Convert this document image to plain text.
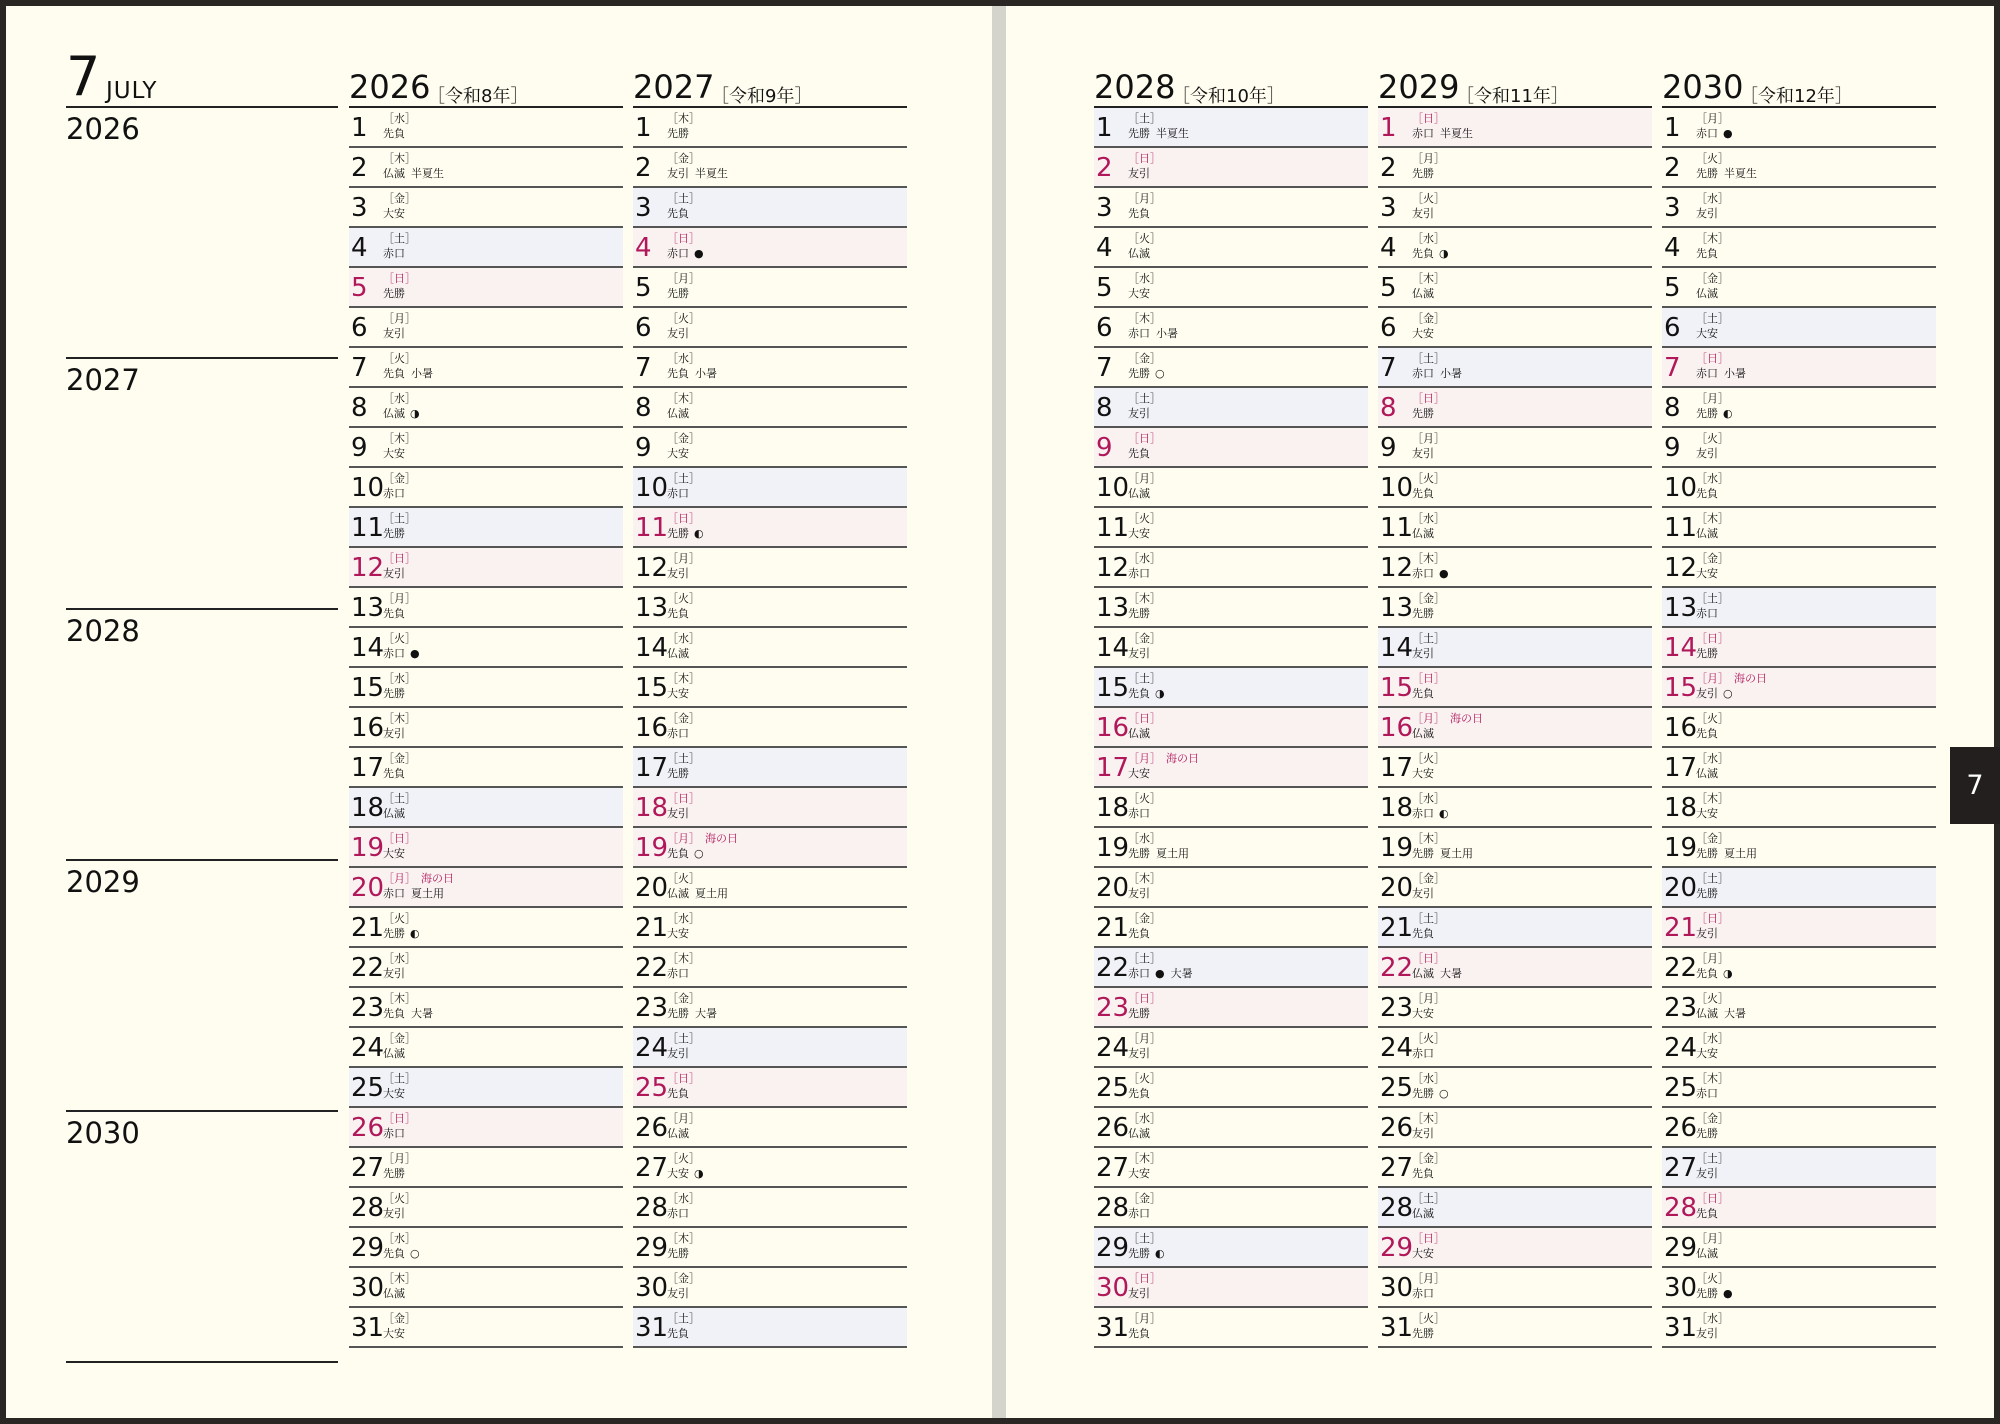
7 JULY
2026
2027
2028
2029
2030
2026
［令和8年］
1 ［水］
先負
2 ［木］
仏滅 半夏生
3 ［金］
大安
4 ［土］
赤口
5 ［日］
先勝
6 ［月］
友引
7 ［火］
先負 小暑
8 ［水］
仏滅 ◑
9 ［木］
大安
10
［金］
赤口
11
［土］
先勝
12
［日］
友引
13
［月］
先負
14
［火］
赤口 ●
15
［水］
先勝
16
［木］
友引
17
［金］
先負
18
［土］
仏滅
19
［日］
大安
20
［月］ 海の日
赤口 夏土用
21
［火］
先勝 ◐
22
［水］
友引
23
［木］
先負 大暑
24
［金］
仏滅
25
［土］
大安
26
［日］
赤口
27
［月］
先勝
28
［火］
友引
29
［水］
先負 ○
30
［木］
仏滅
31
［金］
大安
2027
［令和9年］
1 ［木］
先勝
2 ［金］
友引 半夏生
3 ［土］
先負
4 ［日］
赤口 ●
5 ［月］
先勝
6 ［火］
友引
7 ［水］
先負 小暑
8 ［木］
仏滅
9 ［金］
大安
10
［土］
赤口
11
［日］
先勝 ◐
12
［月］
友引
13
［火］
先負
14
［水］
仏滅
15
［木］
大安
16
［金］
赤口
17
［土］
先勝
18
［日］
友引
19
［月］ 海の日
先負 ○
20
［火］
仏滅 夏土用
21
［水］
大安
22
［木］
赤口
23
［金］
先勝 大暑
24
［土］
友引
25
［日］
先負
26
［月］
仏滅
27
［火］
大安 ◑
28
［水］
赤口
29
［木］
先勝
30
［金］
友引
31
［土］
先負
2028
［令和10年］
1 ［土］
先勝 半夏生
2 ［日］
友引
3 ［月］
先負
4 ［火］
仏滅
5 ［水］
大安
6 ［木］
赤口 小暑
7 ［金］
先勝 ○
8 ［土］
友引
9 ［日］
先負
10
［月］
仏滅
11
［火］
大安
12
［水］
赤口
13
［木］
先勝
14
［金］
友引
15
［土］
先負 ◑
16
［日］
仏滅
17
［月］ 海の日
大安
18
［火］
赤口
19
［水］
先勝 夏土用
20
［木］
友引
21
［金］
先負
22
［土］
赤口 ● 大暑
23
［日］
先勝
24
［月］
友引
25
［火］
先負
26
［水］
仏滅
27
［木］
大安
28
［金］
赤口
29
［土］
先勝 ◐
30
［日］
友引
31
［月］
先負
2029
［令和11年］
1 ［日］
赤口 半夏生
2 ［月］
先勝
3 ［火］
友引
4 ［水］
先負 ◑
5 ［木］
仏滅
6 ［金］
大安
7 ［土］
赤口 小暑
8 ［日］
先勝
9 ［月］
友引
10
［火］
先負
11
［水］
仏滅
12
［木］
赤口 ●
13
［金］
先勝
14
［土］
友引
15
［日］
先負
16
［月］ 海の日
仏滅
17
［火］
大安
18
［水］
赤口 ◐
19
［木］
先勝 夏土用
20
［金］
友引
21
［土］
先負
22
［日］
仏滅 大暑
23
［月］
大安
24
［火］
赤口
25
［水］
先勝 ○
26
［木］
友引
27
［金］
先負
28
［土］
仏滅
29
［日］
大安
30
［月］
赤口
31
［火］
先勝
2030
［令和12年］
1 ［月］
赤口 ●
2 ［火］
先勝 半夏生
3 ［水］
友引
4 ［木］
先負
5 ［金］
仏滅
6 ［土］
大安
7 ［日］
赤口 小暑
8 ［月］
先勝 ◐
9 ［火］
友引
10
［水］
先負
11
［木］
仏滅
12
［金］
大安
13
［土］
赤口
14
［日］
先勝
15
［月］ 海の日
友引 ○
16
［火］
先負
17
［水］
仏滅
18
［木］
大安
19
［金］
先勝 夏土用
20
［土］
先勝
21
［日］
友引
22
［月］
先負 ◑
23
［火］
仏滅 大暑
24
［水］
大安
25
［木］
赤口
26
［金］
先勝
27
［土］
友引
28
［日］
先負
29
［月］
仏滅
30
［火］
先勝 ●
31
［水］
友引
7
